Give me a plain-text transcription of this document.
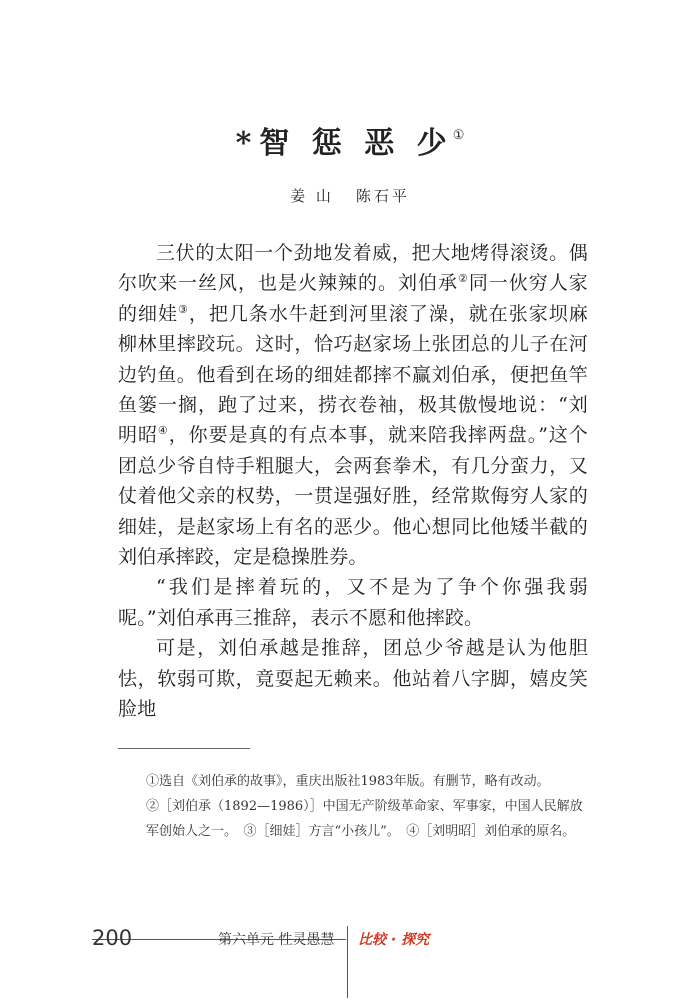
*智 惩 恶 少①
姜 山 陈石平

三伏的太阳一个劲地发着威，把大地烤得滚烫。偶尔吹来一丝风，也是火辣辣的。刘伯承②同一伙穷人家的细娃③，把几条水牛赶到河里滚了澡，就在张家坝麻柳林里摔跤玩。这时，恰巧赵家场上张团总的儿子在河边钓鱼。他看到在场的细娃都摔不赢刘伯承，便把鱼竿鱼篓一搁，跑了过来，捞衣卷袖，极其傲慢地说：“刘明昭④，你要是真的有点本事，就来陪我摔两盘。”这个团总少爷自恃手粗腿大，会两套拳术，有几分蛮力，又仗着他父亲的权势，一贯逞强好胜，经常欺侮穷人家的细娃，是赵家场上有名的恶少。他心想同比他矮半截的刘伯承摔跤，定是稳操胜券。

“我们是摔着玩的，又不是为了争个你强我弱呢。”刘伯承再三推辞，表示不愿和他摔跤。

可是，刘伯承越是推辞，团总少爷越是认为他胆怯，软弱可欺，竟耍起无赖来。他站着八字脚，嬉皮笑脸地

①选自《刘伯承的故事》，重庆出版社1983年版。有删节，略有改动。

②［刘伯承（1892—1986）］中国无产阶级革命家、军事家，中国人民解放军创始人之一。　③［细娃］方言“小孩儿”。　④［刘明昭］刘伯承的原名。

200	第六单元 性灵愚慧 比较 · 探究
